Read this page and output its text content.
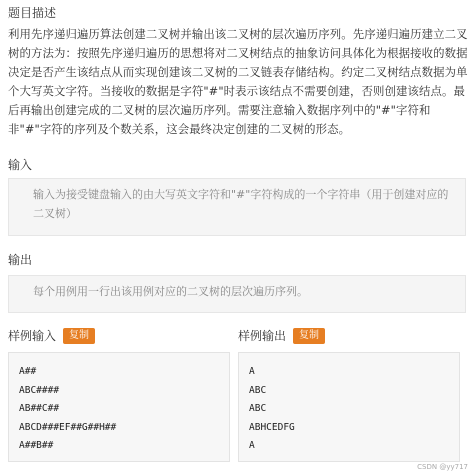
题目描述
利用先序递归遍历算法创建二叉树并输出该二叉树的层次遍历序列。先序递归遍历建立二叉树的方法为：按照先序递归遍历的思想将对二叉树结点的抽象访问具体化为根据接收的数据决定是否产生该结点从而实现创建该二叉树的二叉链表存储结构。约定二叉树结点数据为单个大写英文字符。当接收的数据是字符"#"时表示该结点不需要创建，否则创建该结点。最后再输出创建完成的二叉树的层次遍历序列。需要注意输入数据序列中的"#"字符和非"#"字符的序列及个数关系，这会最终决定创建的二叉树的形态。
输入
输入为接受键盘输入的由大写英文字符和"#"字符构成的一个字符串（用于创建对应的二叉树）
输出
每个用例用一行出该用例对应的二叉树的层次遍历序列。
样例输入	复制	样例输出	复制
A##
ABC####
AB##C##
ABCD###EF##G##H##
A##B##
A
ABC
ABC
ABHCEDFG
A
CSDN @yy717
